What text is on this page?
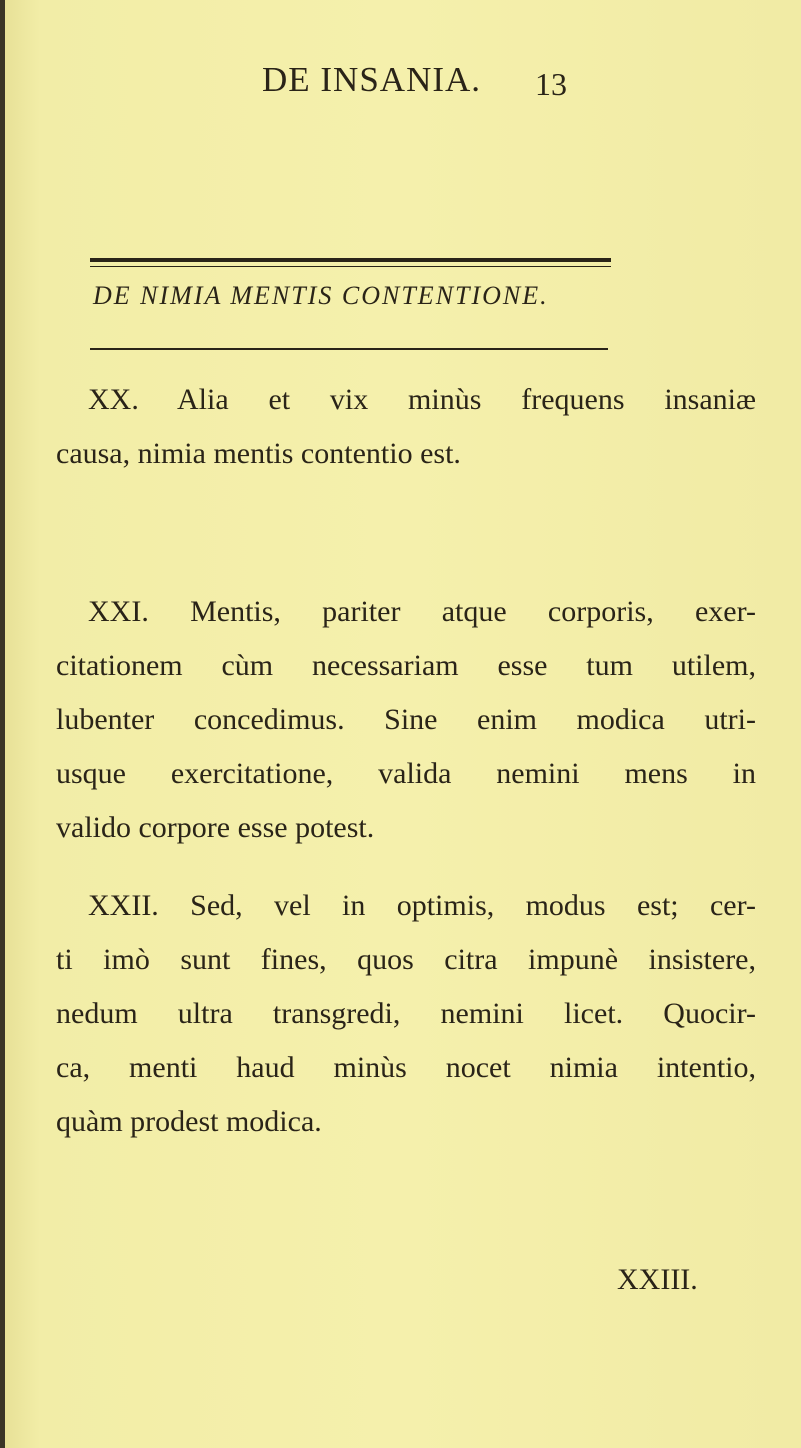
DE INSANIA. 13
DE NIMIA MENTIS CONTENTIONE.
XX. Alia et vix minùs frequens insaniæ
causa, nimia mentis contentio est.
XXI. Mentis, pariter atque corporis, exer-
citationem cùm necessariam esse tum utilem,
lubenter concedimus. Sine enim modica utri-
usque exercitatione, valida nemini mens in
valido corpore esse potest.
XXII. Sed, vel in optimis, modus est; cer-
ti imò sunt fines, quos citra impunè insistere,
nedum ultra transgredi, nemini licet. Quocir-
ca, menti haud minùs nocet nimia intentio,
quàm prodest modica.
XXIII.
